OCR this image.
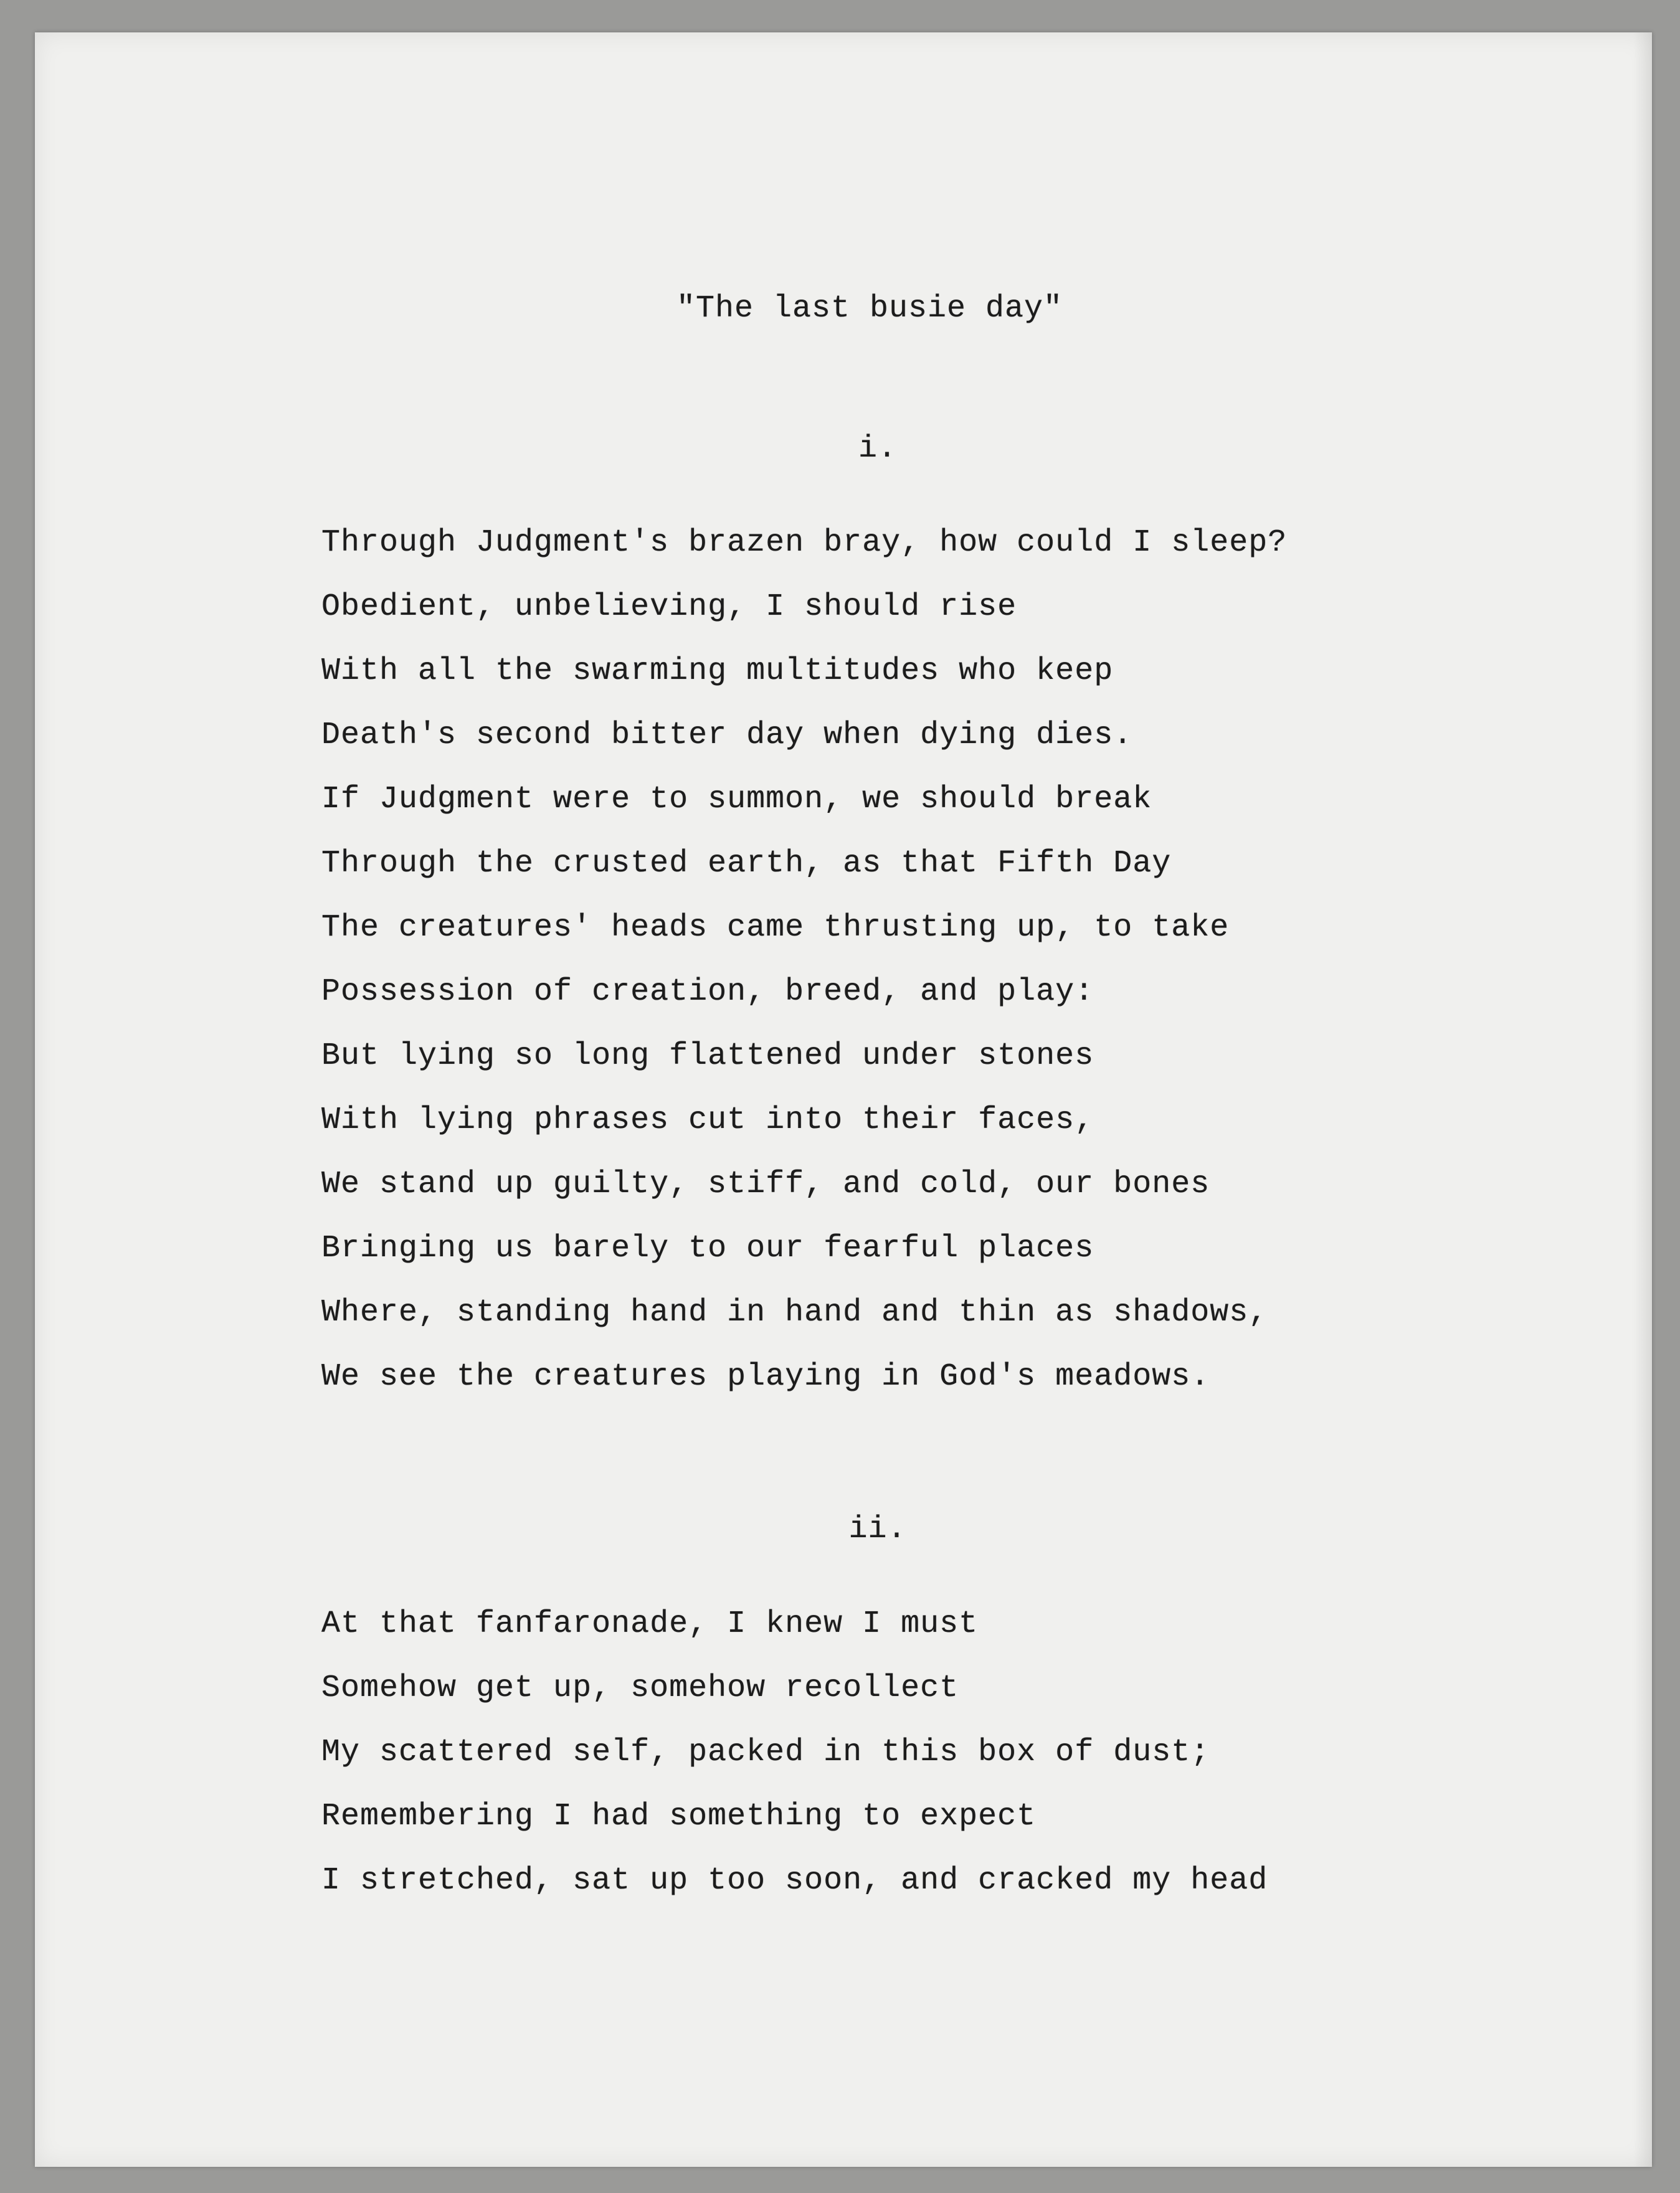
"The last busie day"
i.
Through Judgment's brazen bray, how could I sleep?
Obedient, unbelieving, I should rise
With all the swarming multitudes who keep
Death's second bitter day when dying dies.
If Judgment were to summon, we should break
Through the crusted earth, as that Fifth Day
The creatures' heads came thrusting up, to take
Possession of creation, breed, and play:
But lying so long flattened under stones
With lying phrases cut into their faces,
We stand up guilty, stiff, and cold, our bones
Bringing us barely to our fearful places
Where, standing hand in hand and thin as shadows,
We see the creatures playing in God's meadows.
ii.
At that fanfaronade, I knew I must
Somehow get up, somehow recollect
My scattered self, packed in this box of dust;
Remembering I had something to expect
I stretched, sat up too soon, and cracked my head
